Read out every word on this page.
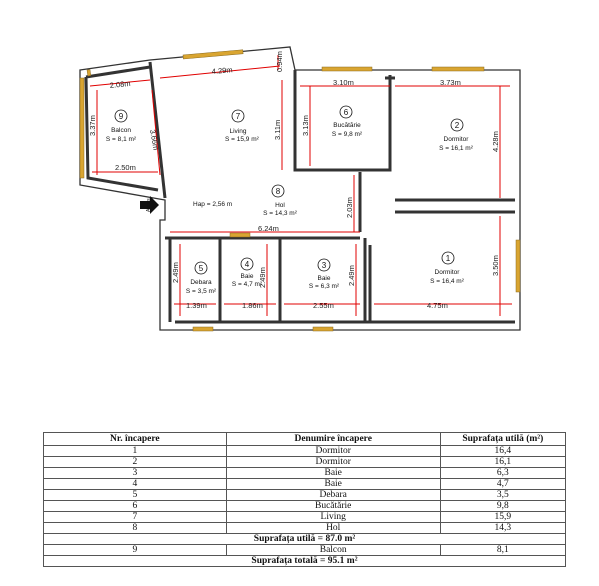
2.08m
4.29m	0.94m
3.10m	3.73m
3.37m
3.66m
2.50m
3.11m	3.13m
4.28m
2.03m
6.24m
2.49m	2.49m	2.49m	3.50m
1.39m	1.86m	2.55m	4.75m
9
Balcon
S = 8,1 m²
7
Living
S = 15,9 m²
6
Bucătărie
S = 9,8 m²
2
Dormitor
S = 16,1 m²
8
Hol
S = 14,3 m²
Hap = 2,56 m
1
Dormitor
S = 16,4 m²
3
Baie
S = 6,3 m²
4
Baie
S = 4,7 m²
5
Debara
S = 3,5 m²
Acces
Nr. încapere	Denumire încapere	Suprafața utilă (m²)
1	Dormitor	16,4
2	Dormitor	16,1
3	Baie	6,3
4	Baie	4,7
5	Debara	3,5
6	Bucătărie	9,8
7	Living	15,9
8	Hol	14,3
Suprafața utilă = 87.0 m²		
9	Balcon	8,1
Suprafața totală = 95.1 m²		
